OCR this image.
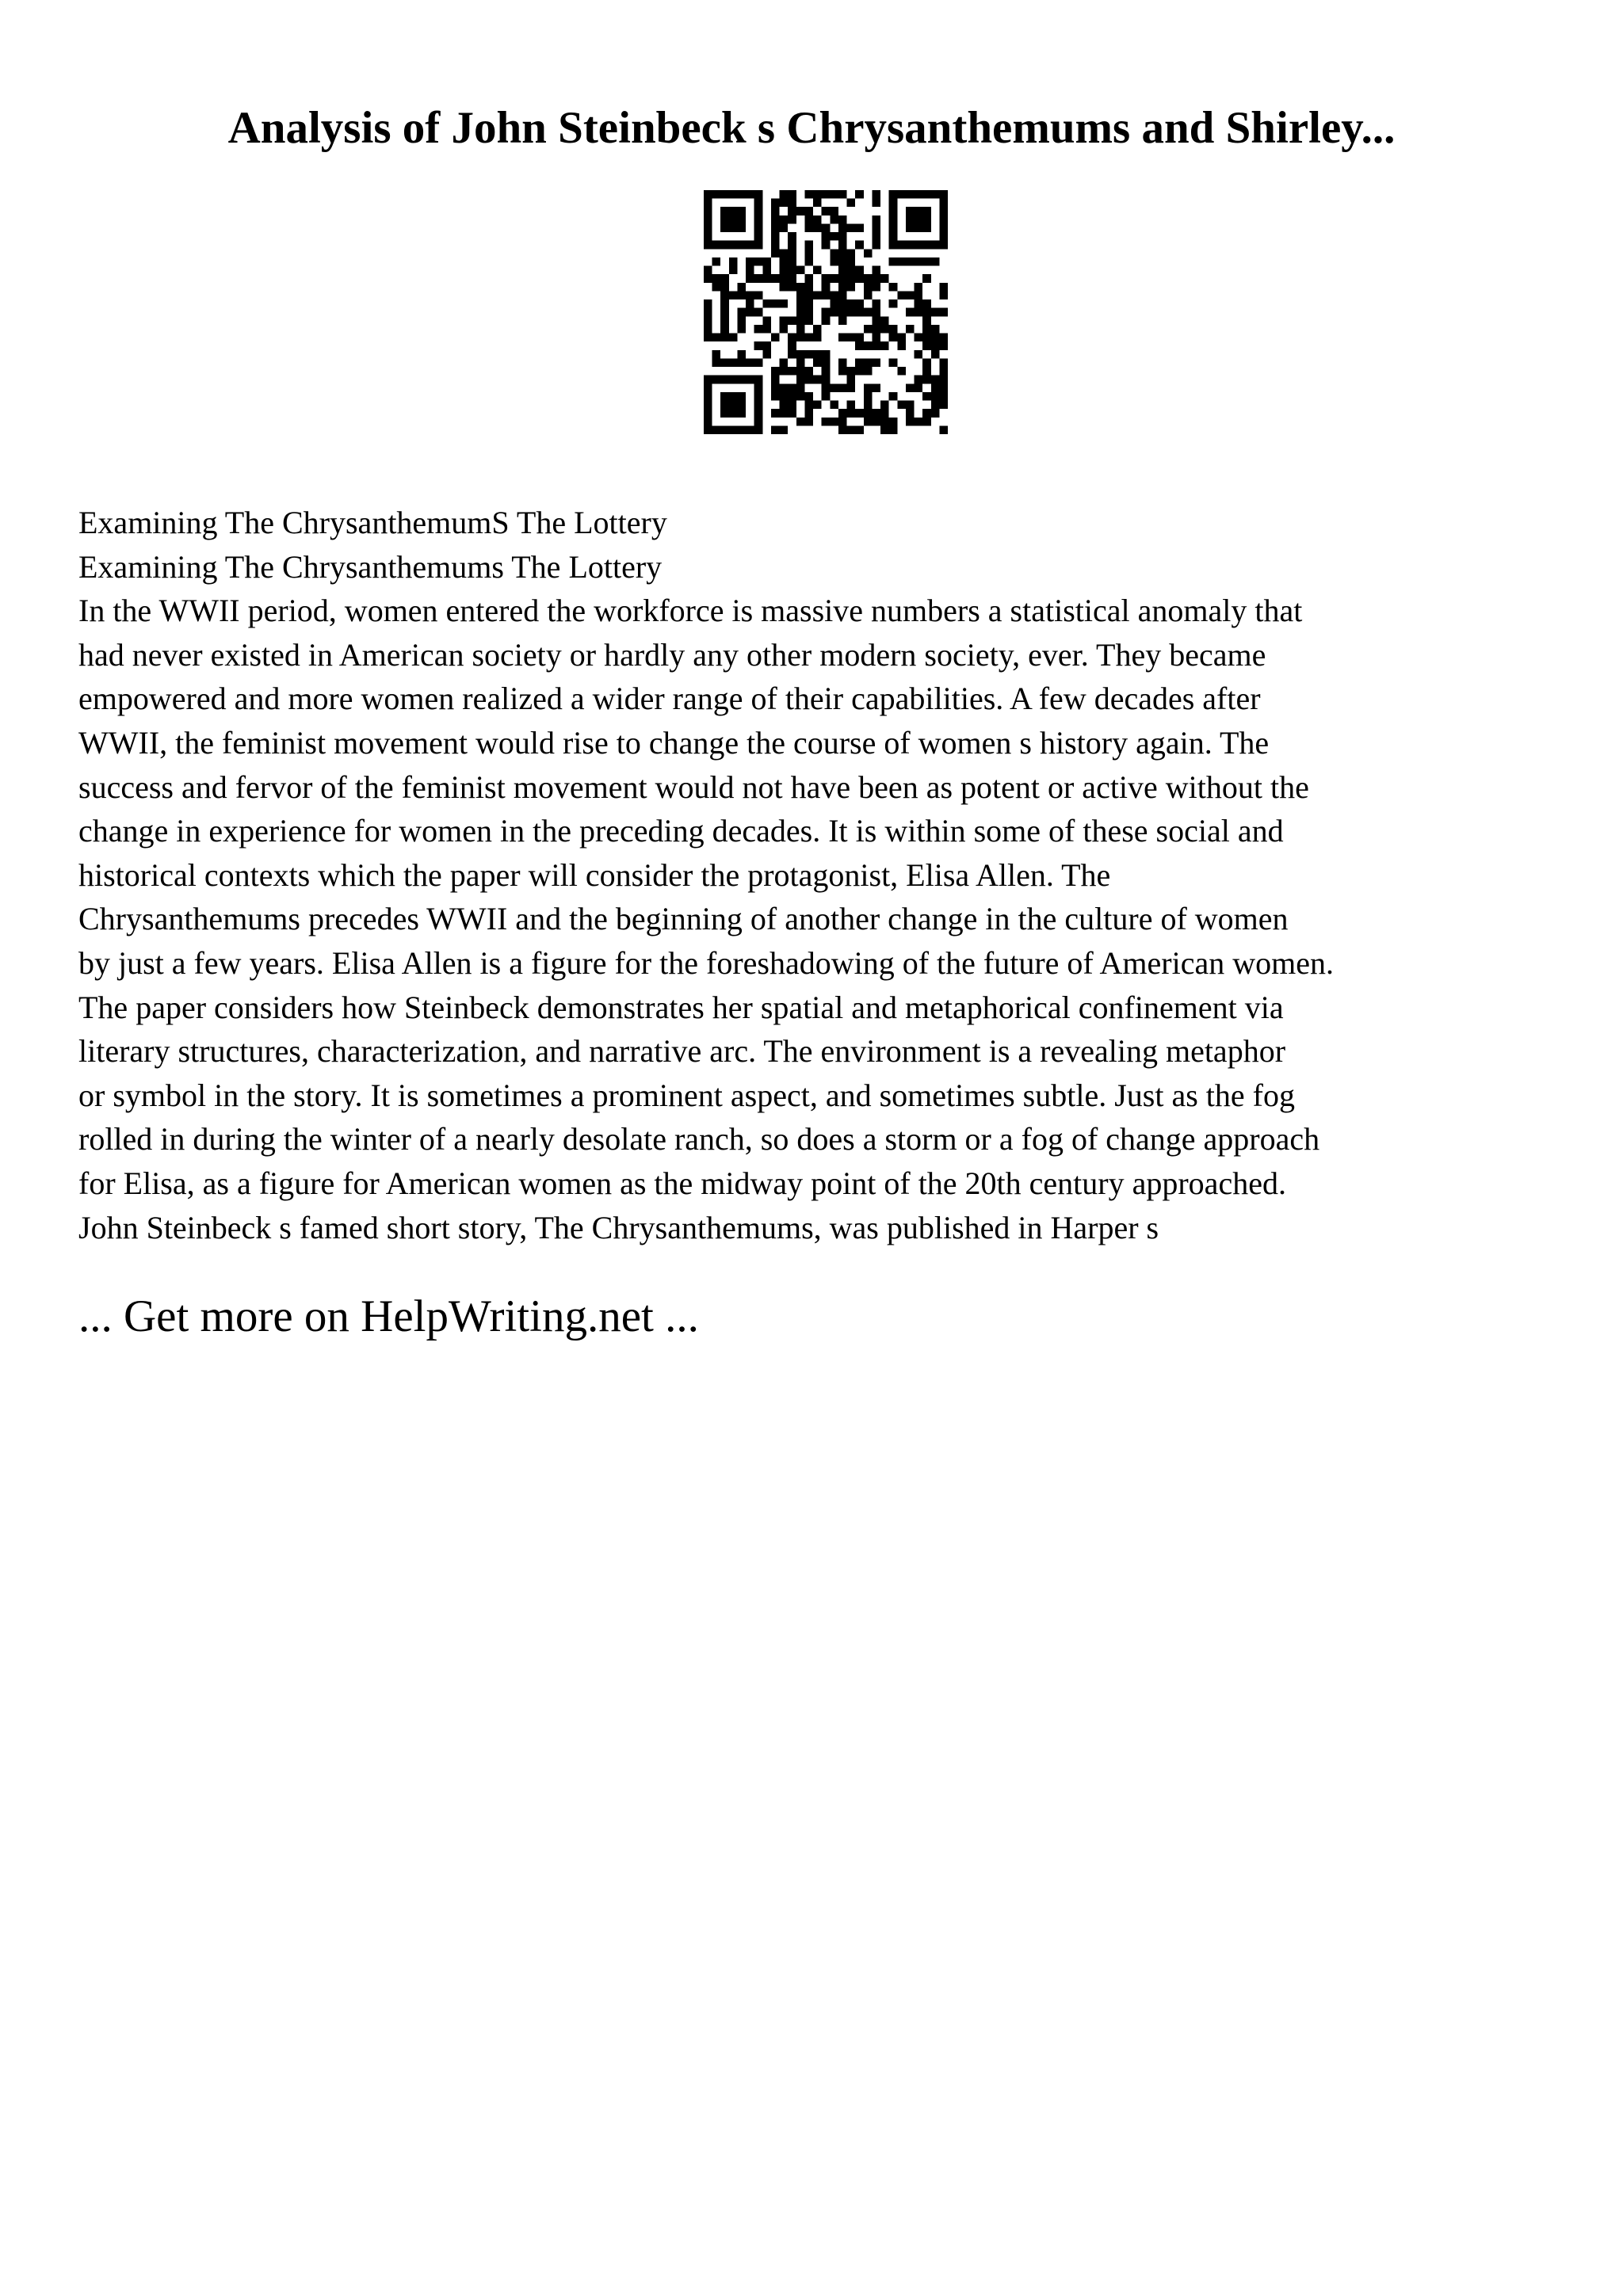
Analysis of John Steinbeck s Chrysanthemums and Shirley...
Examining The ChrysanthemumS The Lottery
Examining The Chrysanthemums The Lottery
In the WWII period, women entered the workforce is massive numbers a statistical anomaly that
had never existed in American society or hardly any other modern society, ever. They became
empowered and more women realized a wider range of their capabilities. A few decades after
WWII, the feminist movement would rise to change the course of women s history again. The
success and fervor of the feminist movement would not have been as potent or active without the
change in experience for women in the preceding decades. It is within some of these social and
historical contexts which the paper will consider the protagonist, Elisa Allen. The
Chrysanthemums precedes WWII and the beginning of another change in the culture of women
by just a few years. Elisa Allen is a figure for the foreshadowing of the future of American women.
The paper considers how Steinbeck demonstrates her spatial and metaphorical confinement via
literary structures, characterization, and narrative arc. The environment is a revealing metaphor
or symbol in the story. It is sometimes a prominent aspect, and sometimes subtle. Just as the fog
rolled in during the winter of a nearly desolate ranch, so does a storm or a fog of change approach
for Elisa, as a figure for American women as the midway point of the 20th century approached.
John Steinbeck s famed short story, The Chrysanthemums, was published in Harper s
... Get more on HelpWriting.net ...
